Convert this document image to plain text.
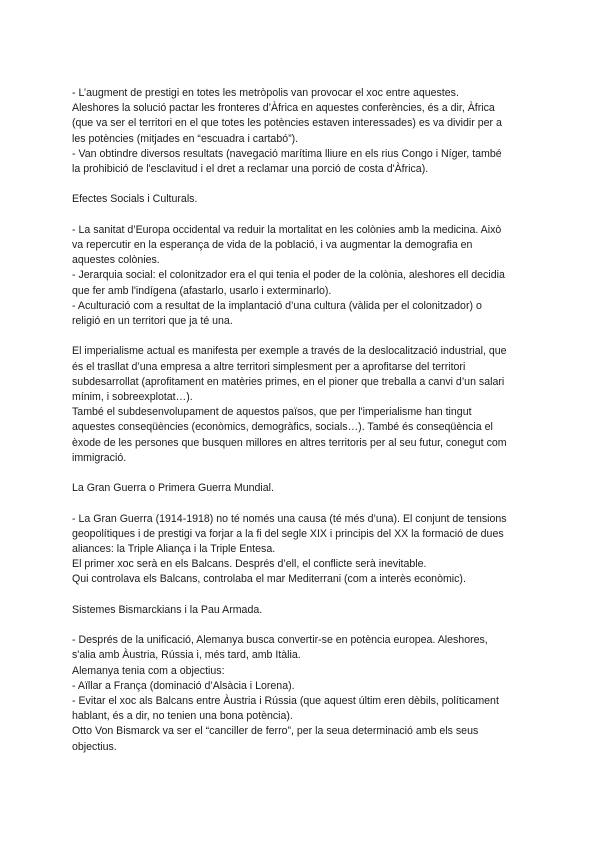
- L’augment de prestigi en totes les metròpolis van provocar el xoc entre aquestes.
Aleshores la solució pactar les fronteres d’Àfrica en aquestes conferències, és a dir, Àfrica
(que va ser el territori en el que totes les potències estaven interessades) es va dividir per a
les potències (mitjades en “escuadra i cartabó”).
- Van obtindre diversos resultats (navegació marítima lliure en els rius Congo i Níger, també
la prohibició de l'esclavitud i el dret a reclamar una porció de costa d'Àfrica).
Efectes Socials i Culturals.
- La sanitat d’Europa occidental va reduir la mortalitat en les colònies amb la medicina. Això
va repercutir en la esperança de vida de la població, i va augmentar la demografia en
aquestes colònies.
- Jerarquia social: el colonitzador era el qui tenia el poder de la colònia, aleshores ell decidia
que fer amb l'indígena (afastarlo, usarlo i exterminarlo).
- Aculturació com a resultat de la implantació d’una cultura (vàlida per el colonitzador) o
religió en un territori que ja té una.
El imperialisme actual es manifesta per exemple a través de la deslocalització industrial, que
és el trasllat d’una empresa a altre territori simplesment per a aprofitarse del territori
subdesarrollat (aprofitament en matèries primes, en el pioner que treballa a canvi d’un salari
mínim, i sobreexplotat…).
També el subdesenvolupament de aquestos països, que per l'imperialisme han tingut
aquestes conseqüències (econòmics, demogràfics, socials…). També és conseqüència el
èxode de les persones que busquen millores en altres territoris per al seu futur, conegut com
immigració.
La Gran Guerra o Primera Guerra Mundial.
- La Gran Guerra (1914-1918) no té només una causa (té més d’una). El conjunt de tensions
geopolítiques i de prestigi va forjar a la fi del segle XIX i principis del XX la formació de dues
aliances: la Triple Aliança i la Triple Entesa.
El primer xoc serà en els Balcans. Després d’ell, el conflicte serà inevitable.
Qui controlava els Balcans, controlaba el mar Mediterrani (com a interès econòmic).
Sistemes Bismarckians i la Pau Armada.
- Després de la unificació, Alemanya busca convertir-se en potència europea. Aleshores,
s'alia amb Àustria, Rússia i, més tard, amb Itàlia.
Alemanya tenia com a objectius:
- Aïllar a França (dominació d’Alsàcia i Lorena).
- Evitar el xoc als Balcans entre Àustria i Rússia (que aquest últim eren dèbils, políticament
hablant, és a dir, no tenien una bona potència).
Otto Von Bismarck va ser el “canciller de ferro”, per la seua determinació amb els seus
objectius.
